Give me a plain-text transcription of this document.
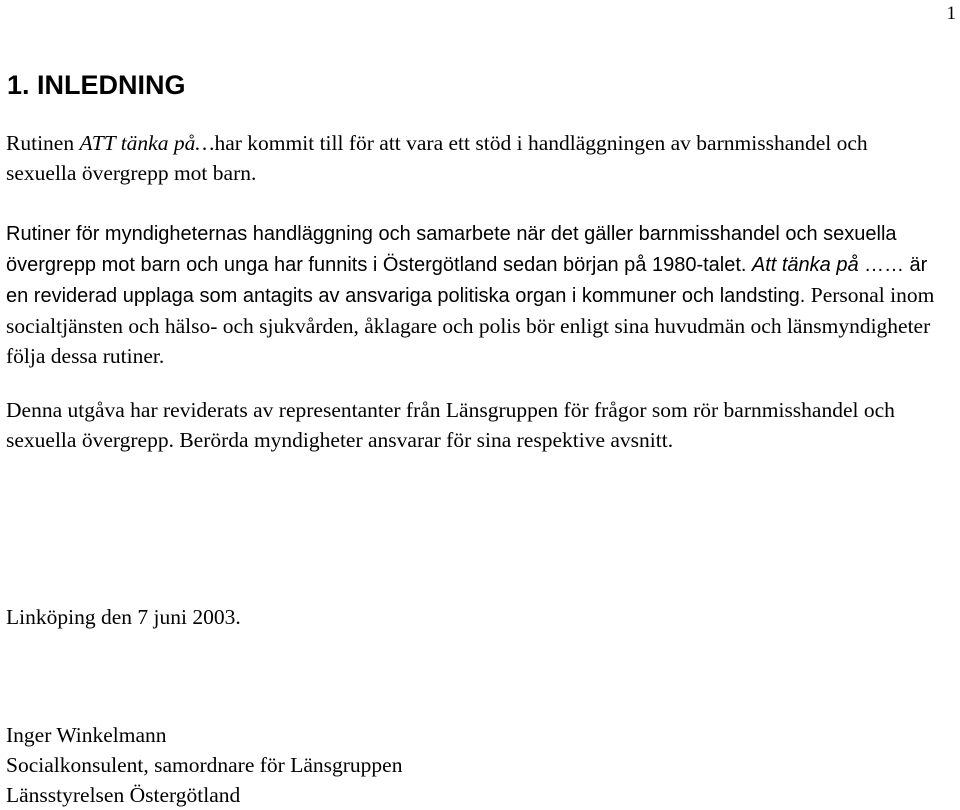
1
1. INLEDNING

Rutinen ATT tänka på…har kommit till för att vara ett stöd i handläggningen av barnmisshandel och sexuella övergrepp mot barn.

Rutiner för myndigheternas handläggning och samarbete när det gäller barnmisshandel och sexuella övergrepp mot barn och unga har funnits i Östergötland sedan början på 1980-talet. Att tänka på …… är en reviderad upplaga som antagits av ansvariga politiska organ i kommuner och landsting. Personal inom socialtjänsten och hälso- och sjukvården, åklagare och polis bör enligt sina huvudmän och länsmyndigheter följa dessa rutiner.

Denna utgåva har reviderats av representanter från Länsgruppen för frågor som rör barnmisshandel och sexuella övergrepp. Berörda myndigheter ansvarar för sina respektive avsnitt.

Linköping den 7 juni 2003.

Inger Winkelmann
Socialkonsulent, samordnare för Länsgruppen
Länsstyrelsen Östergötland
